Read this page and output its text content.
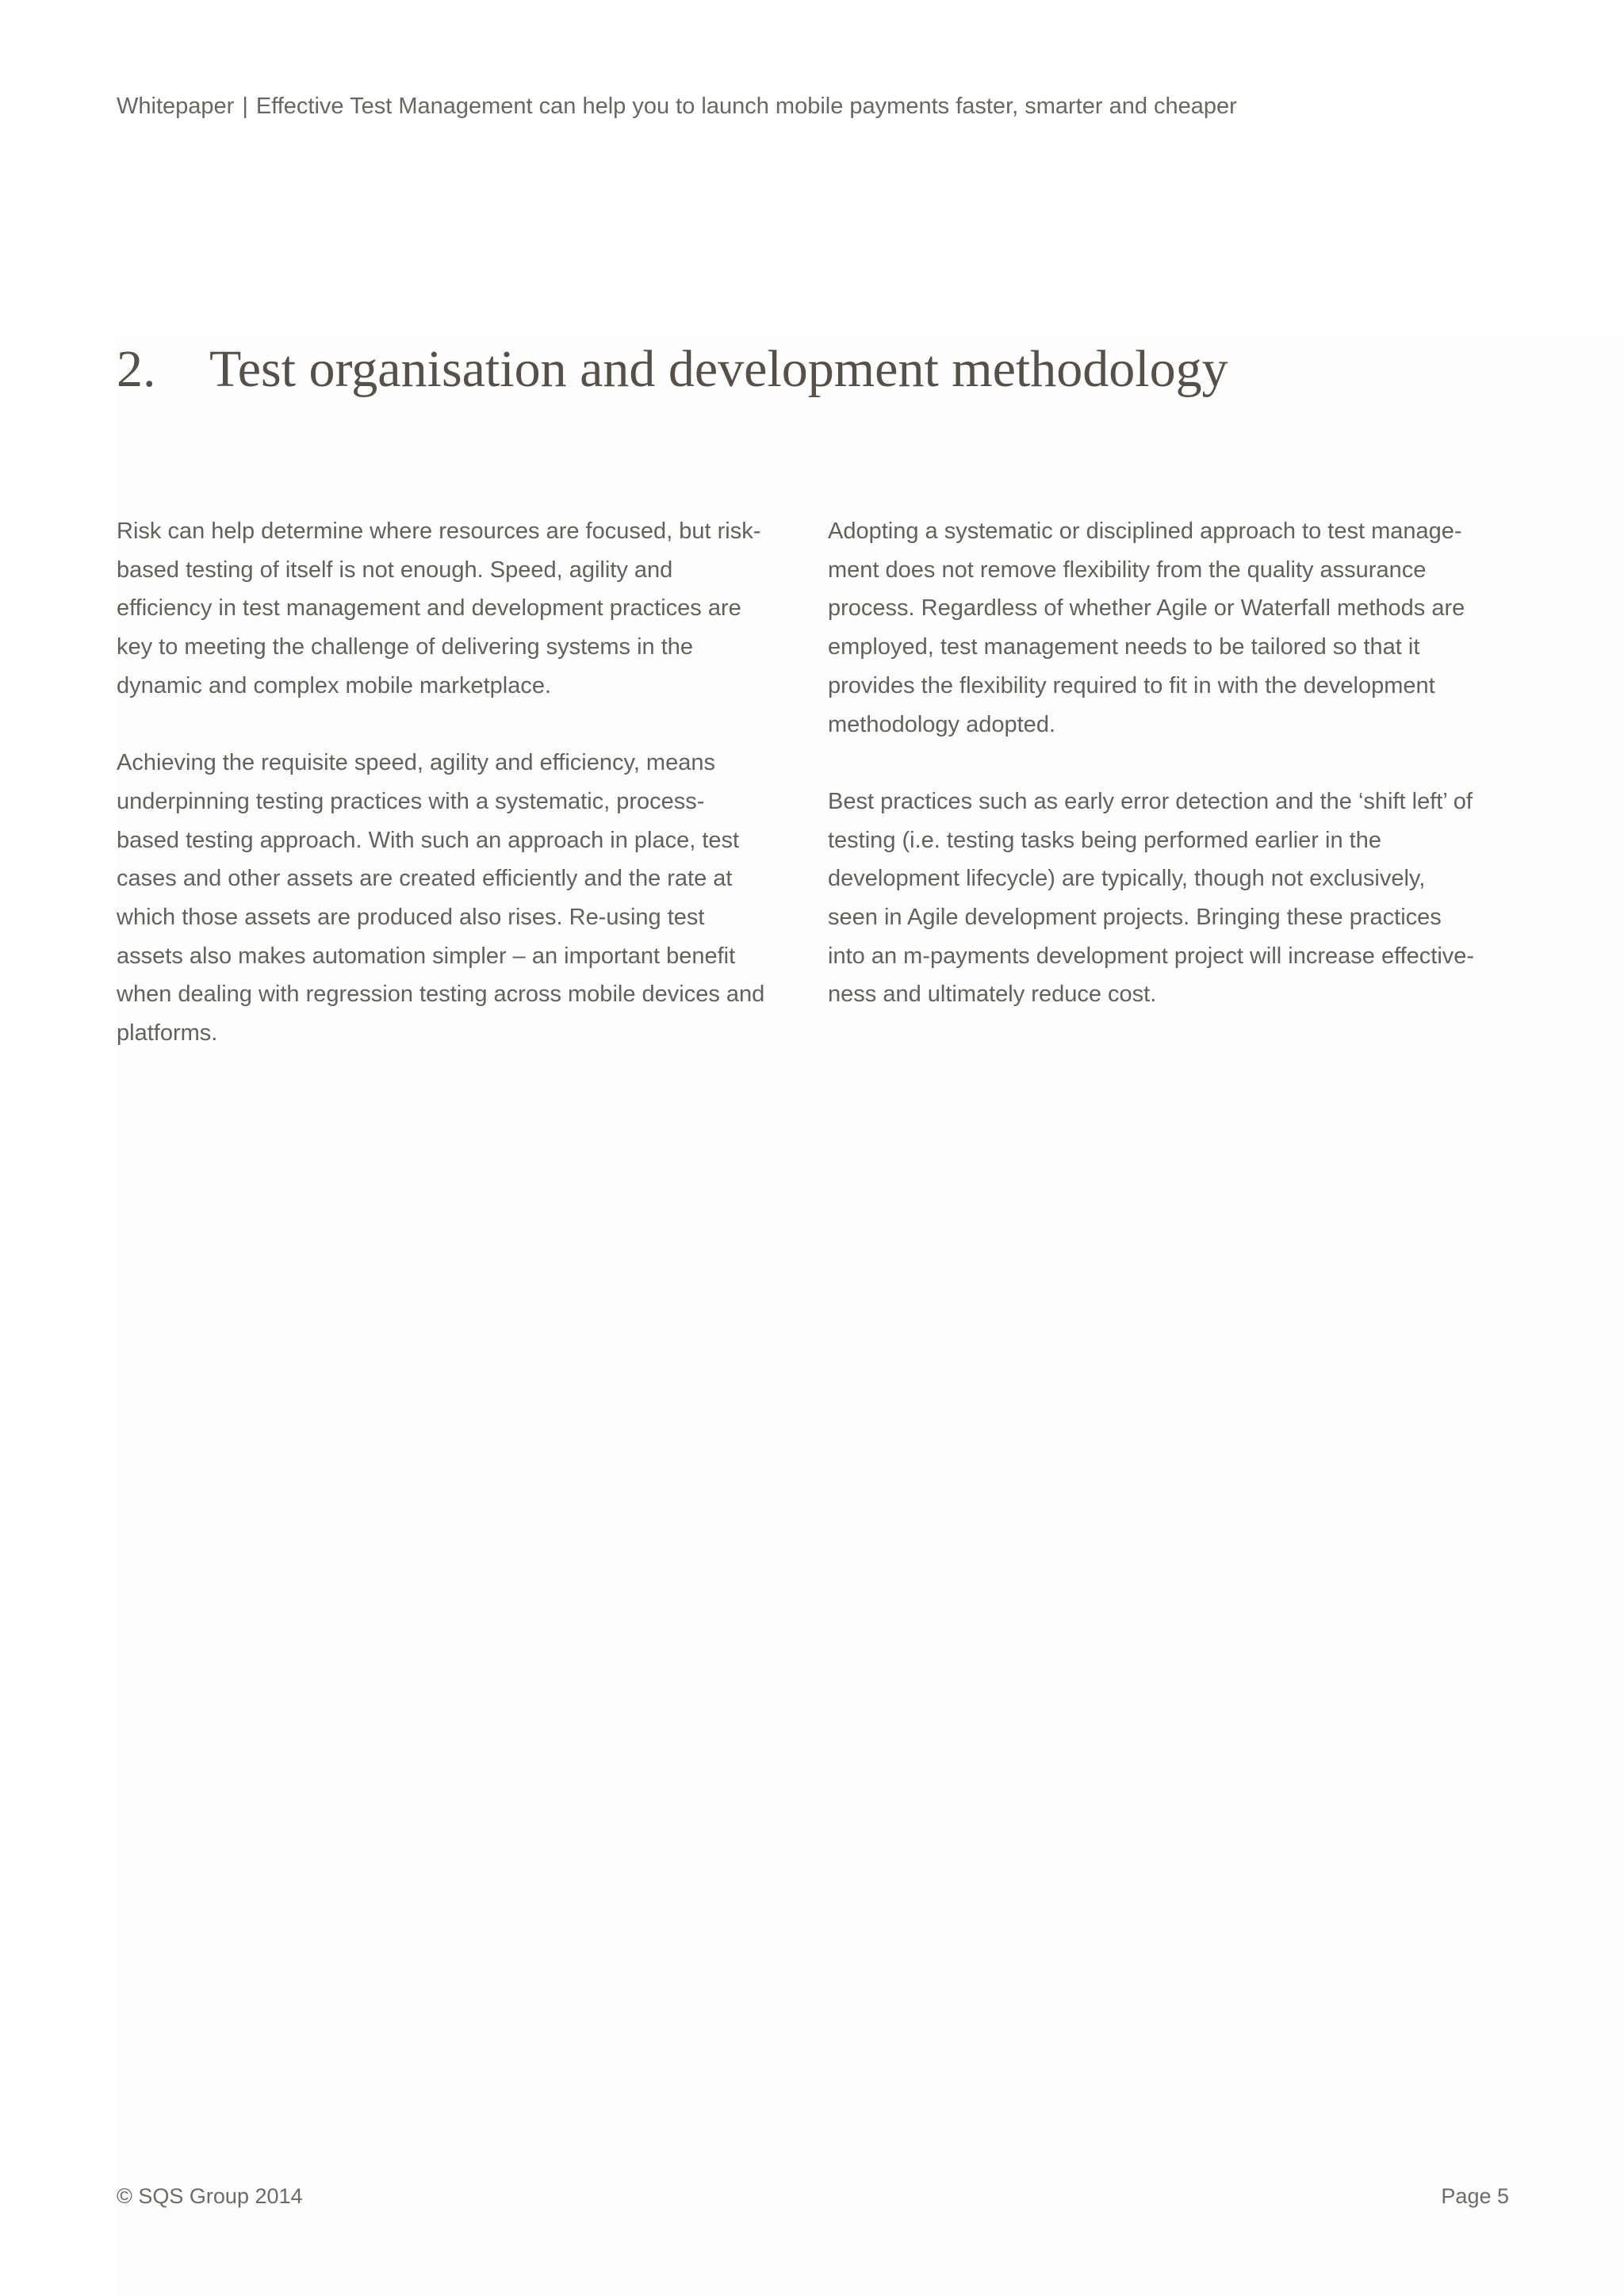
Whitepaper | Effective Test Management can help you to launch mobile payments faster, smarter and cheaper
2. Test organisation and development methodology

Risk can help determine where resources are focused, but risk-based testing of itself is not enough. Speed, agility and efficiency in test management and development practices are key to meeting the challenge of delivering systems in the dynamic and complex mobile marketplace.

Achieving the requisite speed, agility and efficiency, means underpinning testing practices with a systematic, process-based testing approach. With such an approach in place, test cases and other assets are created efficiently and the rate at which those assets are produced also rises. Re-using test assets also makes automation simpler – an important benefit when dealing with regression testing across mobile devices and platforms.

Adopting a systematic or disciplined approach to test manage-ment does not remove flexibility from the quality assurance process. Regardless of whether Agile or Waterfall methods are employed, test management needs to be tailored so that it provides the flexibility required to fit in with the development methodology adopted.

Best practices such as early error detection and the ‘shift left’ of testing (i.e. testing tasks being performed earlier in the development lifecycle) are typically, though not exclusively, seen in Agile development projects. Bringing these practices into an m-payments development project will increase effective-ness and ultimately reduce cost.

© SQS Group 2014	Page 5
